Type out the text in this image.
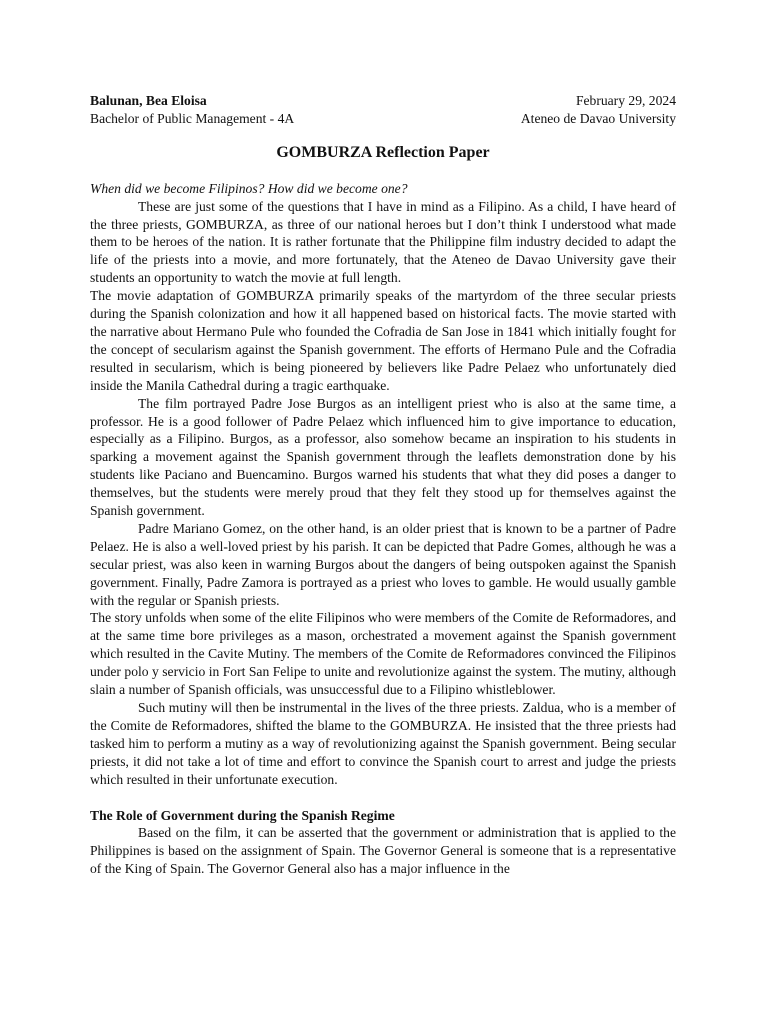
Balunan, Bea Eloisa	February 29, 2024
Bachelor of Public Management - 4A	Ateneo de Davao University
GOMBURZA Reflection Paper
When did we become Filipinos? How did we become one?

These are just some of the questions that I have in mind as a Filipino. As a child, I have heard of the three priests, GOMBURZA, as three of our national heroes but I don’t think I understood what made them to be heroes of the nation. It is rather fortunate that the Philippine film industry decided to adapt the life of the priests into a movie, and more fortunately, that the Ateneo de Davao University gave their students an opportunity to watch the movie at full length.

The movie adaptation of GOMBURZA primarily speaks of the martyrdom of the three secular priests during the Spanish colonization and how it all happened based on historical facts. The movie started with the narrative about Hermano Pule who founded the Cofradia de San Jose in 1841 which initially fought for the concept of secularism against the Spanish government. The efforts of Hermano Pule and the Cofradia resulted in secularism, which is being pioneered by believers like Padre Pelaez who unfortunately died inside the Manila Cathedral during a tragic earthquake.

The film portrayed Padre Jose Burgos as an intelligent priest who is also at the same time, a professor. He is a good follower of Padre Pelaez which influenced him to give importance to education, especially as a Filipino. Burgos, as a professor, also somehow became an inspiration to his students in sparking a movement against the Spanish government through the leaflets demonstration done by his students like Paciano and Buencamino. Burgos warned his students that what they did poses a danger to themselves, but the students were merely proud that they felt they stood up for themselves against the Spanish government.

Padre Mariano Gomez, on the other hand, is an older priest that is known to be a partner of Padre Pelaez. He is also a well-loved priest by his parish. It can be depicted that Padre Gomes, although he was a secular priest, was also keen in warning Burgos about the dangers of being outspoken against the Spanish government. Finally, Padre Zamora is portrayed as a priest who loves to gamble. He would usually gamble with the regular or Spanish priests.

The story unfolds when some of the elite Filipinos who were members of the Comite de Reformadores, and at the same time bore privileges as a mason, orchestrated a movement against the Spanish government which resulted in the Cavite Mutiny. The members of the Comite de Reformadores convinced the Filipinos under polo y servicio in Fort San Felipe to unite and revolutionize against the system. The mutiny, although slain a number of Spanish officials, was unsuccessful due to a Filipino whistleblower.

Such mutiny will then be instrumental in the lives of the three priests. Zaldua, who is a member of the Comite de Reformadores, shifted the blame to the GOMBURZA. He insisted that the three priests had tasked him to perform a mutiny as a way of revolutionizing against the Spanish government. Being secular priests, it did not take a lot of time and effort to convince the Spanish court to arrest and judge the priests which resulted in their unfortunate execution.

The Role of Government during the Spanish Regime

Based on the film, it can be asserted that the government or administration that is applied to the Philippines is based on the assignment of Spain. The Governor General is someone that is a representative of the King of Spain. The Governor General also has a major influence in the
